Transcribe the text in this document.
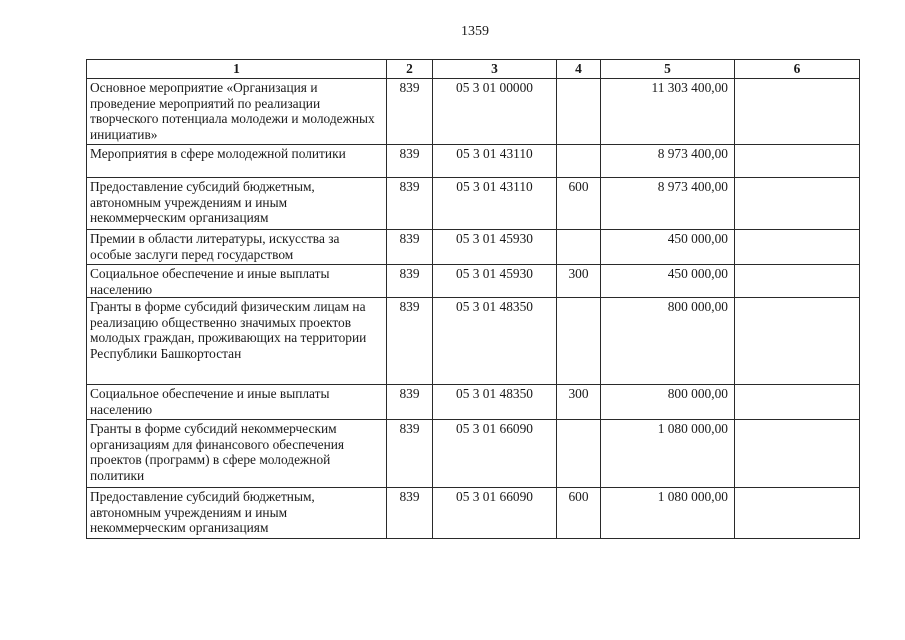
1359
1	2	3	4	5	6
Основное мероприятие «Организация и проведение мероприятий по реализации творческого потенциала молодежи и молодежных инициатив»	839	05 3 01 00000		11 303 400,00	
Мероприятия в сфере молодежной политики	839	05 3 01 43110		8 973 400,00	
Предоставление субсидий бюджетным, автономным учреждениям и иным некоммерческим организациям	839	05 3 01 43110	600	8 973 400,00	
Премии в области литературы, искусства за особые заслуги перед государством	839	05 3 01 45930		450 000,00	
Социальное обеспечение и иные выплаты населению	839	05 3 01 45930	300	450 000,00	
Гранты в форме субсидий физическим лицам на реализацию общественно значимых проектов молодых граждан, проживающих на территории Республики Башкортостан	839	05 3 01 48350		800 000,00	
Социальное обеспечение и иные выплаты населению	839	05 3 01 48350	300	800 000,00	
Гранты в форме субсидий некоммерческим организациям для финансового обеспечения проектов (программ) в сфере молодежной политики	839	05 3 01 66090		1 080 000,00	
Предоставление субсидий бюджетным, автономным учреждениям и иным некоммерческим организациям	839	05 3 01 66090	600	1 080 000,00	
